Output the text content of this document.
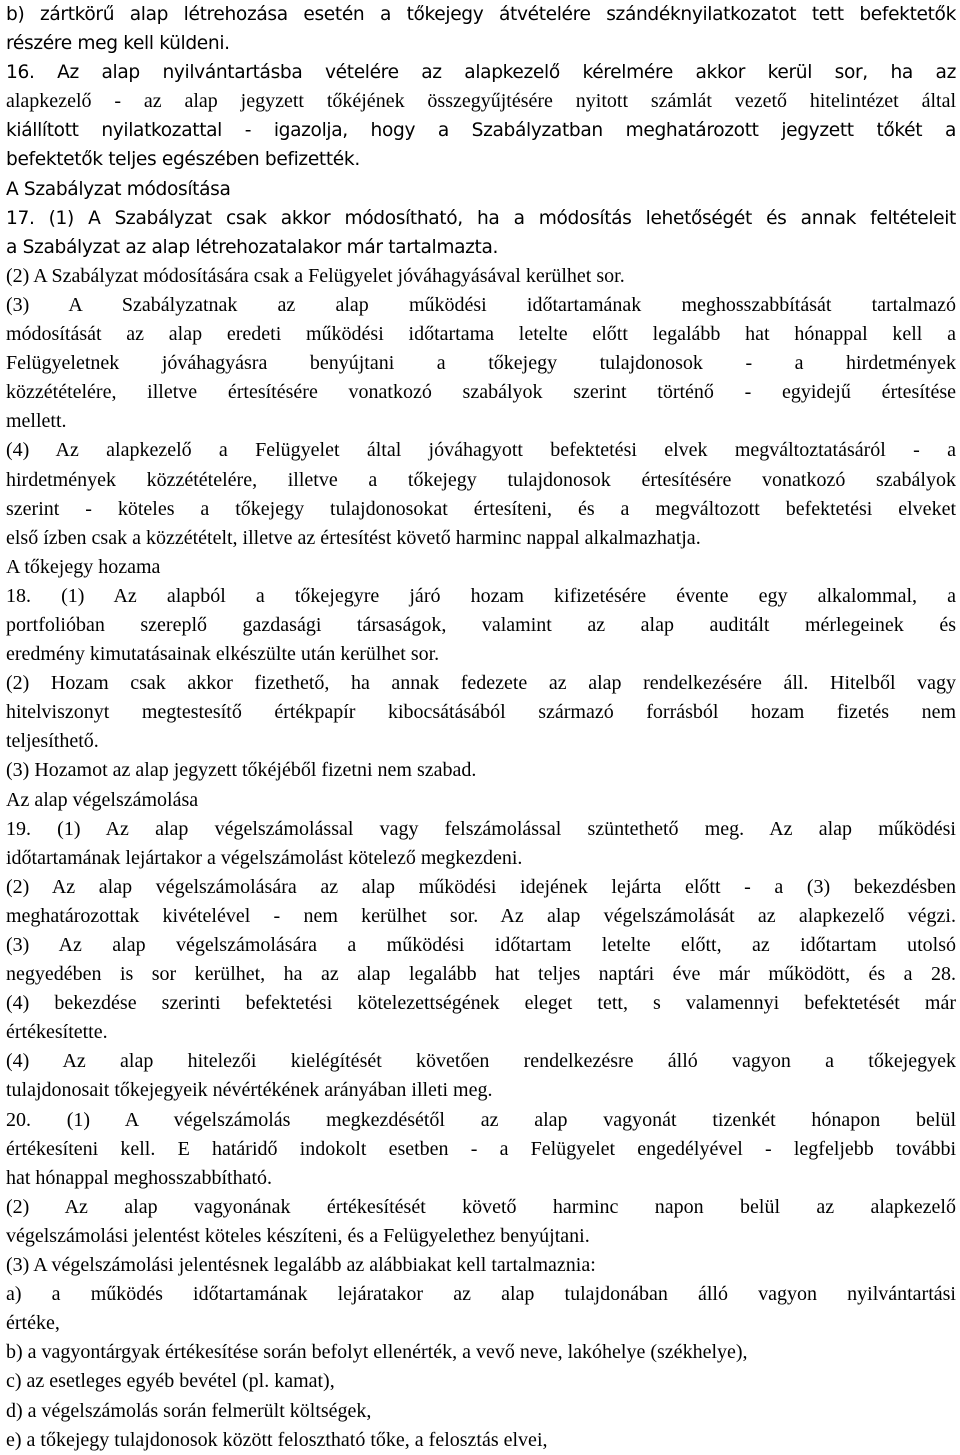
b) zártkörű alap létrehozása esetén a tőkejegy átvételére szándéknyilatkozatot tett befektetők
részére meg kell küldeni.
16. Az alap nyilvántartásba vételére az alapkezelő kérelmére akkor kerül sor, ha az
alapkezelő - az alap jegyzett tőkéjének összegyűjtésére nyitott számlát vezető hitelintézet által
kiállított nyilatkozattal - igazolja, hogy a Szabályzatban meghatározott jegyzett tőkét a
befektetők teljes egészében befizették.
A Szabályzat módosítása
17. (1) A Szabályzat csak akkor módosítható, ha a módosítás lehetőségét és annak feltételeit
a Szabályzat az alap létrehozatalakor már tartalmazta.
(2) A Szabályzat módosítására csak a Felügyelet jóváhagyásával kerülhet sor.
(3) A Szabályzatnak az alap működési időtartamának meghosszabbítását tartalmazó
módosítását az alap eredeti működési időtartama letelte előtt legalább hat hónappal kell a
Felügyeletnek jóváhagyásra benyújtani a tőkejegy tulajdonosok - a hirdetmények
közzétételére, illetve értesítésére vonatkozó szabályok szerint történő - egyidejű értesítése
mellett.
(4) Az alapkezelő a Felügyelet által jóváhagyott befektetési elvek megváltoztatásáról - a
hirdetmények közzétételére, illetve a tőkejegy tulajdonosok értesítésére vonatkozó szabályok
szerint - köteles a tőkejegy tulajdonosokat értesíteni, és a megváltozott befektetési elveket
első ízben csak a közzétételt, illetve az értesítést követő harminc nappal alkalmazhatja.
A tőkejegy hozama
18. (1) Az alapból a tőkejegyre járó hozam kifizetésére évente egy alkalommal, a
portfolióban szereplő gazdasági társaságok, valamint az alap auditált mérlegeinek és
eredmény kimutatásainak elkészülte után kerülhet sor.
(2) Hozam csak akkor fizethető, ha annak fedezete az alap rendelkezésére áll. Hitelből vagy
hitelviszonyt megtestesítő értékpapír kibocsátásából származó forrásból hozam fizetés nem
teljesíthető.
(3) Hozamot az alap jegyzett tőkéjéből fizetni nem szabad.
Az alap végelszámolása
19. (1) Az alap végelszámolással vagy felszámolással szüntethető meg. Az alap működési
időtartamának lejártakor a végelszámolást kötelező megkezdeni.
(2) Az alap végelszámolására az alap működési idejének lejárta előtt - a (3) bekezdésben
meghatározottak kivételével - nem kerülhet sor. Az alap végelszámolását az alapkezelő végzi.
(3) Az alap végelszámolására a működési időtartam letelte előtt, az időtartam utolsó
negyedében is sor kerülhet, ha az alap legalább hat teljes naptári éve már működött, és a 28.
(4) bekezdése szerinti befektetési kötelezettségének eleget tett, s valamennyi befektetését már
értékesítette.
(4) Az alap hitelezői kielégítését követően rendelkezésre álló vagyon a tőkejegyek
tulajdonosait tőkejegyeik névértékének arányában illeti meg.
20. (1) A végelszámolás megkezdésétől az alap vagyonát tizenkét hónapon belül
értékesíteni kell. E határidő indokolt esetben - a Felügyelet engedélyével - legfeljebb további
hat hónappal meghosszabbítható.
(2) Az alap vagyonának értékesítését követő harminc napon belül az alapkezelő
végelszámolási jelentést köteles készíteni, és a Felügyelethez benyújtani.
(3) A végelszámolási jelentésnek legalább az alábbiakat kell tartalmaznia:
a) a működés időtartamának lejáratakor az alap tulajdonában álló vagyon nyilvántartási
értéke,
b) a vagyontárgyak értékesítése során befolyt ellenérték, a vevő neve, lakóhelye (székhelye),
c) az esetleges egyéb bevétel (pl. kamat),
d) a végelszámolás során felmerült költségek,
e) a tőkejegy tulajdonosok között felosztható tőke, a felosztás elvei,
